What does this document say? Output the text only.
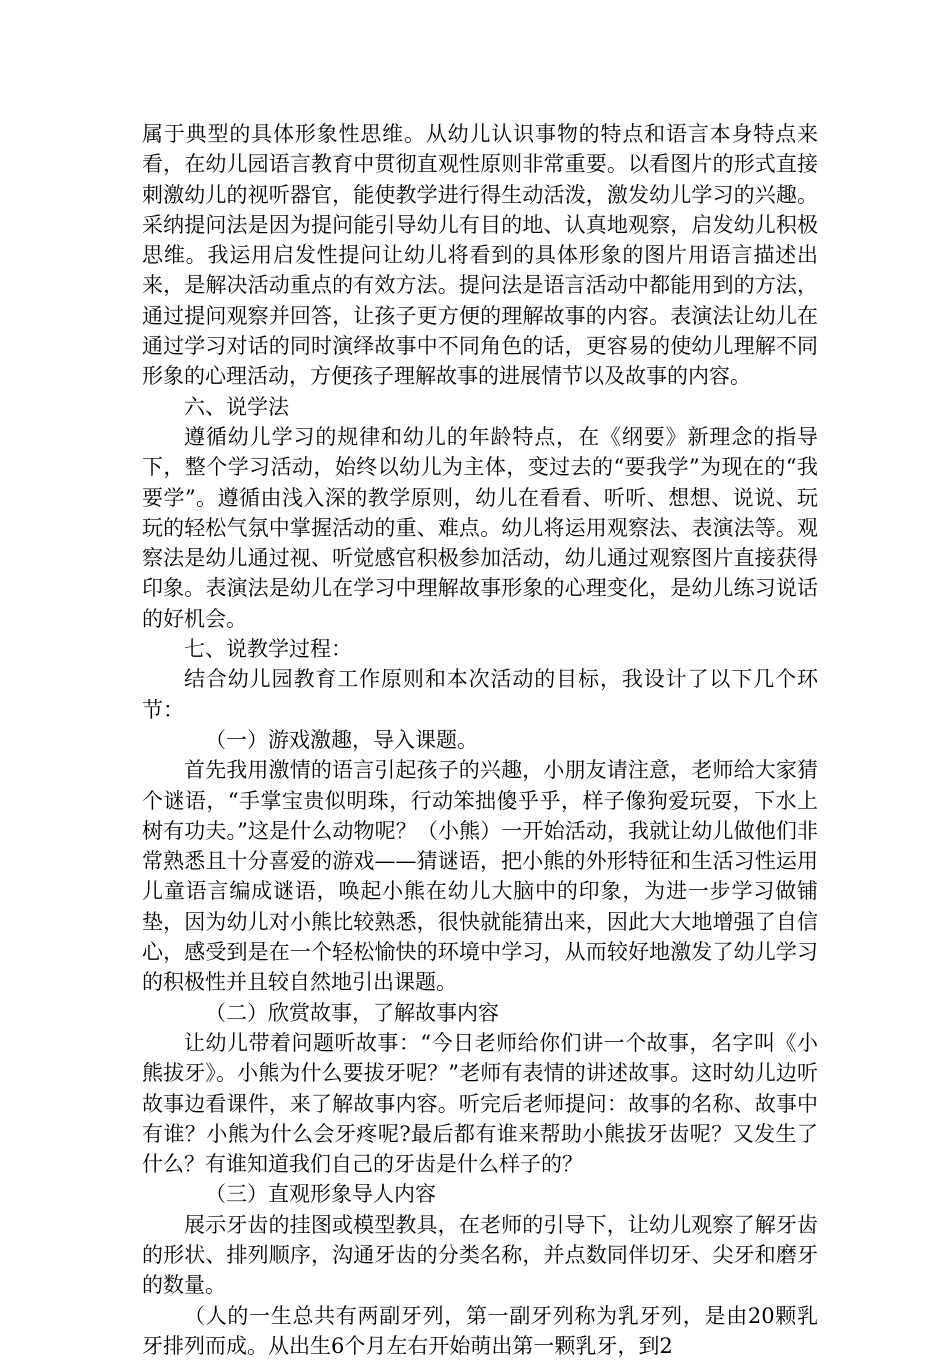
属于典型的具体形象性思维。从幼儿认识事物的特点和语言本身特点来看，在幼儿园语言教育中贯彻直观性原则非常重要。以看图片的形式直接刺激幼儿的视听器官，能使教学进行得生动活泼，激发幼儿学习的兴趣。采纳提问法是因为提问能引导幼儿有目的地、认真地观察，启发幼儿积极思维。我运用启发性提问让幼儿将看到的具体形象的图片用语言描述出来，是解决活动重点的有效方法。提问法是语言活动中都能用到的方法，通过提问观察并回答，让孩子更方便的理解故事的内容。表演法让幼儿在通过学习对话的同时演绎故事中不同角色的话，更容易的使幼儿理解不同形象的心理活动，方便孩子理解故事的进展情节以及故事的内容。

六、说学法

遵循幼儿学习的规律和幼儿的年龄特点，在《纲要》新理念的指导下，整个学习活动，始终以幼儿为主体，变过去的“要我学”为现在的“我要学”。遵循由浅入深的教学原则，幼儿在看看、听听、想想、说说、玩玩的轻松气氛中掌握活动的重、难点。幼儿将运用观察法、表演法等。观察法是幼儿通过视、听觉感官积极参加活动，幼儿通过观察图片直接获得印象。表演法是幼儿在学习中理解故事形象的心理变化，是幼儿练习说话的好机会。

七、说教学过程：

结合幼儿园教育工作原则和本次活动的目标，我设计了以下几个环节：

（一）游戏激趣，导入课题。

首先我用激情的语言引起孩子的兴趣，小朋友请注意，老师给大家猜个谜语，“手掌宝贵似明珠，行动笨拙傻乎乎，样子像狗爱玩耍，下水上树有功夫。”这是什么动物呢？（小熊）一开始活动，我就让幼儿做他们非常熟悉且十分喜爱的游戏——猜谜语，把小熊的外形特征和生活习性运用儿童语言编成谜语，唤起小熊在幼儿大脑中的印象，为进一步学习做铺垫，因为幼儿对小熊比较熟悉，很快就能猜出来，因此大大地增强了自信心，感受到是在一个轻松愉快的环境中学习，从而较好地激发了幼儿学习的积极性并且较自然地引出课题。

（二）欣赏故事，了解故事内容

让幼儿带着问题听故事：“今日老师给你们讲一个故事，名字叫《小熊拔牙》。小熊为什么要拔牙呢？”老师有表情的讲述故事。这时幼儿边听故事边看课件，来了解故事内容。听完后老师提问：故事的名称、故事中有谁？小熊为什么会牙疼呢?最后都有谁来帮助小熊拔牙齿呢？又发生了什么？有谁知道我们自己的牙齿是什么样子的？

（三）直观形象导人内容

展示牙齿的挂图或模型教具，在老师的引导下，让幼儿观察了解牙齿的形状、排列顺序，沟通牙齿的分类名称，并点数同伴切牙、尖牙和磨牙的数量。

（人的一生总共有两副牙列，第一副牙列称为乳牙列，是由20颗乳牙排列而成。从出生6个月左右开始萌出第一颗乳牙，到2
